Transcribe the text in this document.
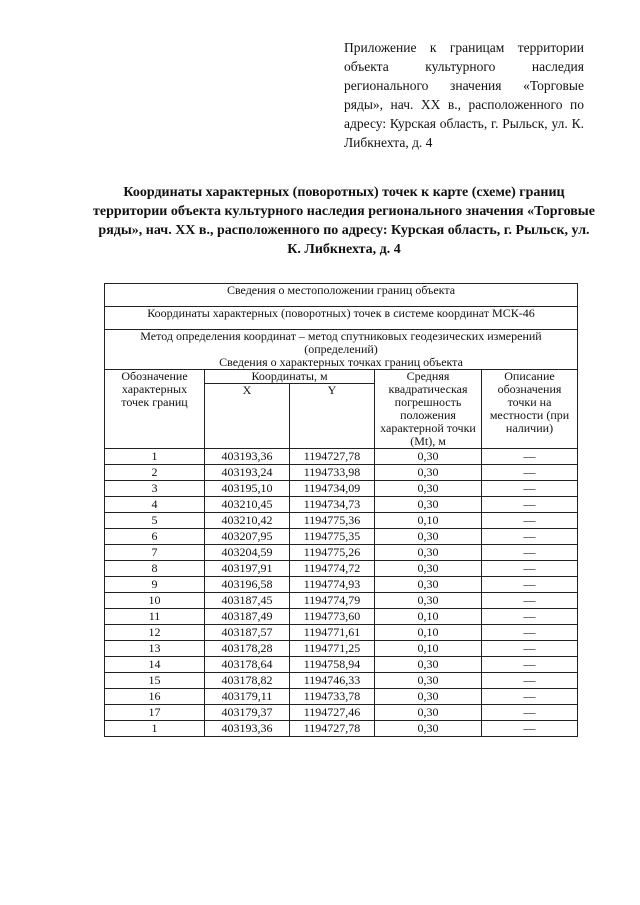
Приложение к границам территории объекта культурного наследия регионального значения «Торговые ряды», нач. XX в., расположенного по адресу: Курская область, г. Рыльск, ул. К. Либкнехта, д. 4
Координаты характерных (поворотных) точек к карте (схеме) границ территории объекта культурного наследия регионального значения «Торговые ряды», нач. XX в., расположенного по адресу: Курская область, г. Рыльск, ул. К. Либкнехта, д. 4
Сведения о местоположении границ объекта				
Координаты характерных (поворотных) точек в системе координат МСК-46				

Метод определения координат – метод спутниковых геодезических измерений (определений)
Сведения о характерных точках границ объекта				

Обозначение характерных точек границ	Координаты, м		Средняя квадратическая погрешность положения характерной точки (Mt), м	Описание обозначения точки на местности (при наличии)
	X	Y		
1	403193,36	1194727,78	0,30	—
2	403193,24	1194733,98	0,30	—
3	403195,10	1194734,09	0,30	—
4	403210,45	1194734,73	0,30	—
5	403210,42	1194775,36	0,10	—
6	403207,95	1194775,35	0,30	—
7	403204,59	1194775,26	0,30	—
8	403197,91	1194774,72	0,30	—
9	403196,58	1194774,93	0,30	—
10	403187,45	1194774,79	0,30	—
11	403187,49	1194773,60	0,10	—
12	403187,57	1194771,61	0,10	—
13	403178,28	1194771,25	0,10	—
14	403178,64	1194758,94	0,30	—
15	403178,82	1194746,33	0,30	—
16	403179,11	1194733,78	0,30	—
17	403179,37	1194727,46	0,30	—
1	403193,36	1194727,78	0,30	—
